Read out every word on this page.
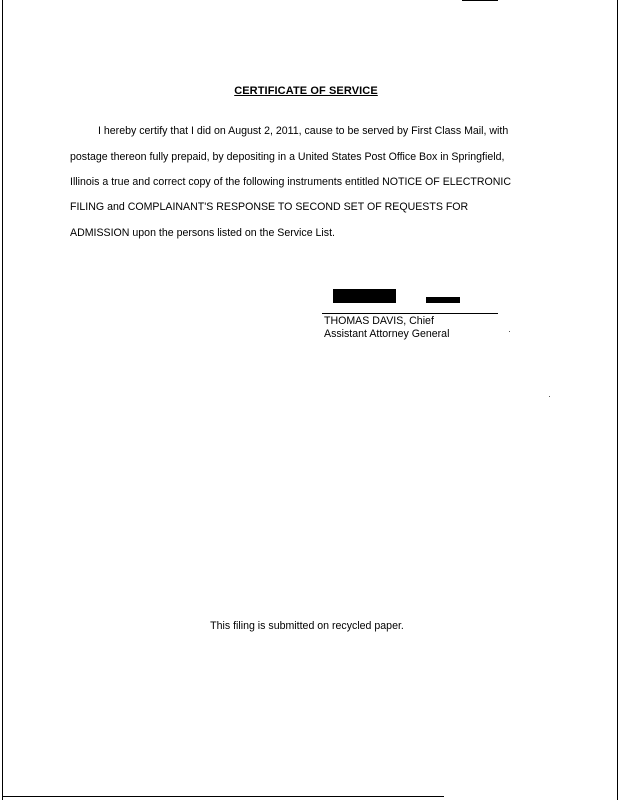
CERTIFICATE OF SERVICE
I hereby certify that I did on August 2, 2011, cause to be served by First Class Mail, with
postage thereon fully prepaid, by depositing in a United States Post Office Box in Springfield,
Illinois a true and correct copy of the following instruments entitled NOTICE OF ELECTRONIC
FILING and COMPLAINANT'S RESPONSE TO SECOND SET OF REQUESTS FOR
ADMISSION upon the persons listed on the Service List.
THOMAS DAVIS, Chief
Assistant Attorney General
This filing is submitted on recycled paper.
